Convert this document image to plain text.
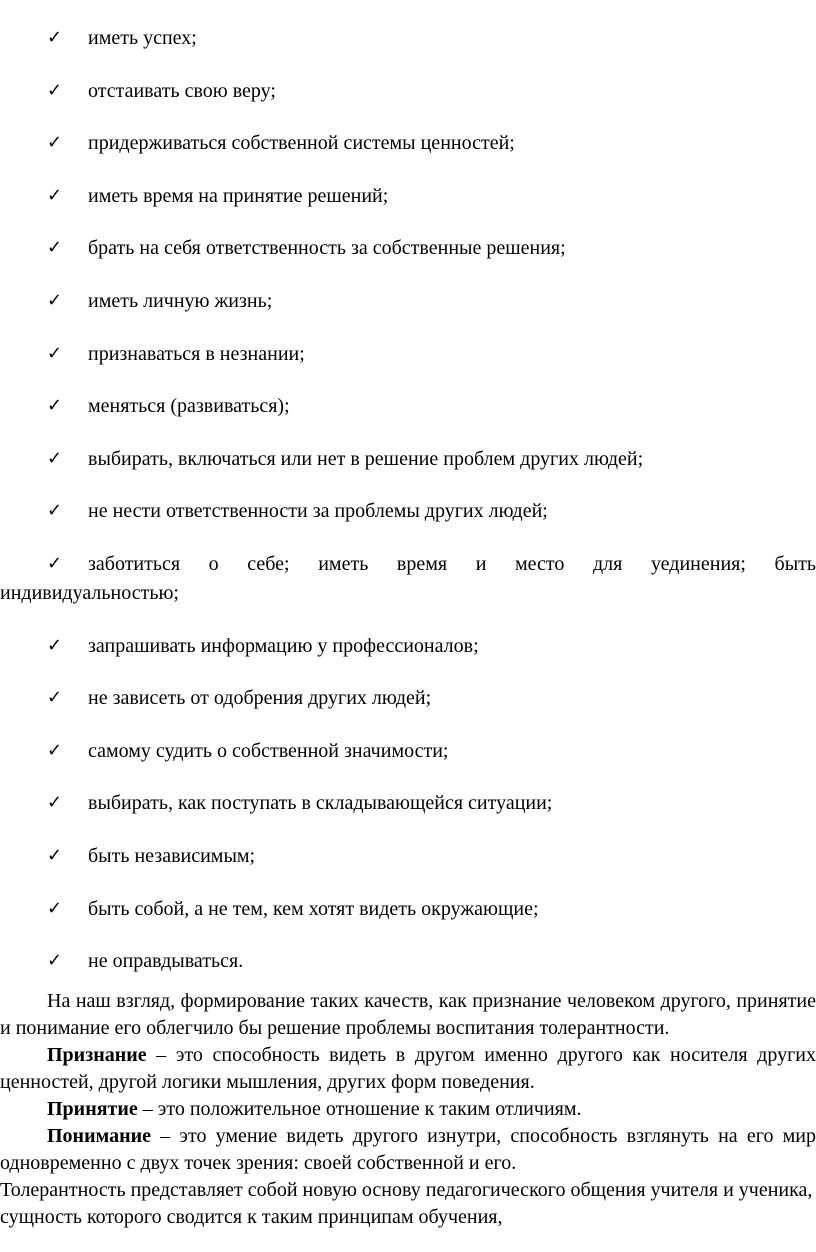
✓ иметь успех;
✓ отстаивать свою веру;
✓ придерживаться собственной системы ценностей;
✓ иметь время на принятие решений;
✓ брать на себя ответственность за собственные решения;
✓ иметь личную жизнь;
✓ признаваться в незнании;
✓ меняться (развиваться);
✓ выбирать, включаться или нет в решение проблем других людей;
✓ не нести ответственности за проблемы других людей;
✓ заботиться о себе; иметь время и место для уединения; быть
индивидуальностью;
✓ запрашивать информацию у профессионалов;
✓ не зависеть от одобрения других людей;
✓ самому судить о собственной значимости;
✓ выбирать, как поступать в складывающейся ситуации;
✓ быть независимым;
✓ быть собой, а не тем, кем хотят видеть окружающие;
✓ не оправдываться.

На наш взгляд, формирование таких качеств, как признание человеком другого, принятие и понимание его облегчило бы решение проблемы воспитания толерантности.

Признание – это способность видеть в другом именно другого как носителя других ценностей, другой логики мышления, других форм поведения.

Принятие – это положительное отношение к таким отличиям.

Понимание – это умение видеть другого изнутри, способность взглянуть на его мир одновременно с двух точек зрения: своей собственной и его.

Толерантность представляет собой новую основу педагогического общения учителя и ученика, сущность которого сводится к таким принципам обучения,
